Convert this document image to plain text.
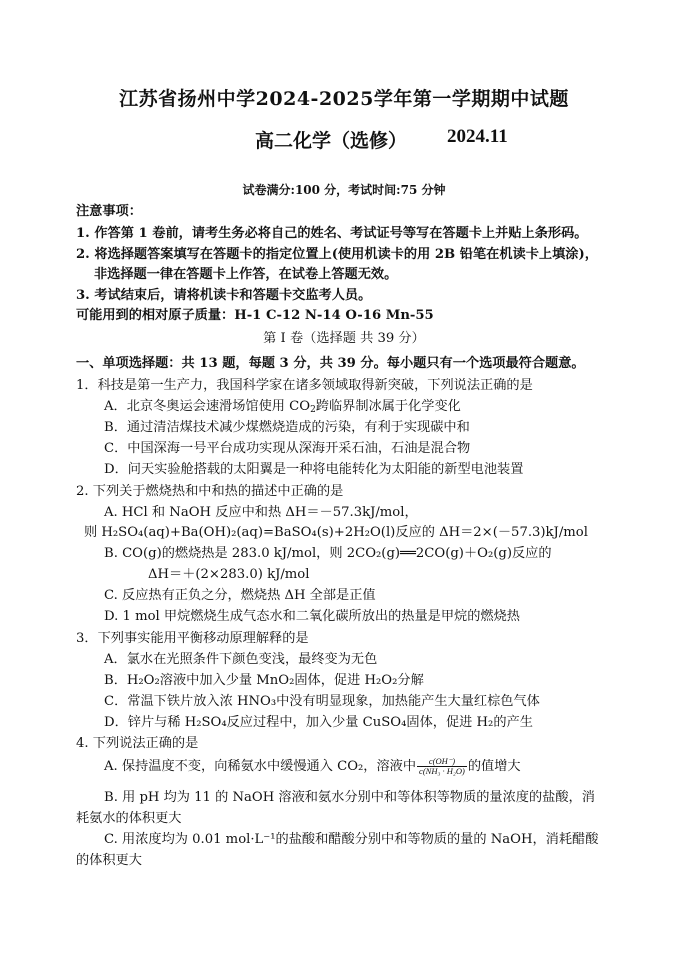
江苏省扬州中学2024-2025学年第一学期期中试题
高二化学（选修） 2024.11
试卷满分:100 分，考试时间:75 分钟
注意事项：
1. 作答第 1 卷前，请考生务必将自己的姓名、考试证号等写在答题卡上并贴上条形码。
2. 将选择题答案填写在答题卡的指定位置上(使用机读卡的用 2B 铅笔在机读卡上填涂)，
非选择题一律在答题卡上作答，在试卷上答题无效。
3. 考试结束后，请将机读卡和答题卡交监考人员。
可能用到的相对原子质量：H-1 C-12 N-14 O-16 Mn-55
第 I 卷（选择题 共 39 分）
一、单项选择题：共 13 题，每题 3 分，共 39 分。每小题只有一个选项最符合题意。
1．科技是第一生产力，我国科学家在诸多领域取得新突破，下列说法正确的是
A．北京冬奥运会速滑场馆使用 $CO_2$跨临界制冰属于化学变化
B．通过清洁煤技术减少煤燃烧造成的污染，有利于实现碳中和
C．中国深海一号平台成功实现从深海开采石油，石油是混合物
D．问天实验舱搭载的太阳翼是一种将电能转化为太阳能的新型电池装置
2. 下列关于燃烧热和中和热的描述中正确的是
A. HCl 和 NaOH 反应中和热 ΔH＝－57.3kJ/mol，
则 H₂SO₄(aq)+Ba(OH)₂(aq)=BaSO₄(s)+2H₂O(l)反应的 ΔH＝2×(－57.3)kJ/mol
B. CO(g)的燃烧热是 283.0 kJ/mol，则 2CO₂(g)══2CO(g)＋O₂(g)反应的
ΔH＝＋(2×283.0) kJ/mol
C. 反应热有正负之分，燃烧热 ΔH 全部是正值
D. 1 mol 甲烷燃烧生成气态水和二氧化碳所放出的热量是甲烷的燃烧热
3．下列事实能用平衡移动原理解释的是
A．氯水在光照条件下颜色变浅，最终变为无色
B．H₂O₂溶液中加入少量 MnO₂固体，促进 H₂O₂分解
C．常温下铁片放入浓 HNO₃中没有明显现象，加热能产生大量红棕色气体
D．锌片与稀 H₂SO₄反应过程中，加入少量 CuSO₄固体，促进 H₂的产生
4. 下列说法正确的是
A. 保持温度不变，向稀氨水中缓慢通入 CO₂，溶液中 $\frac{c(OH^-)}{\text{c(NH₃ · H₂O)}}$ 的值增大
B. 用 pH 均为 11 的 NaOH 溶液和氨水分别中和等体积等物质的量浓度的盐酸，消
耗氨水的体积更大
C. 用浓度均为 0.01 mol·L⁻¹的盐酸和醋酸分别中和等物质的量的 NaOH，消耗醋酸
的体积更大
